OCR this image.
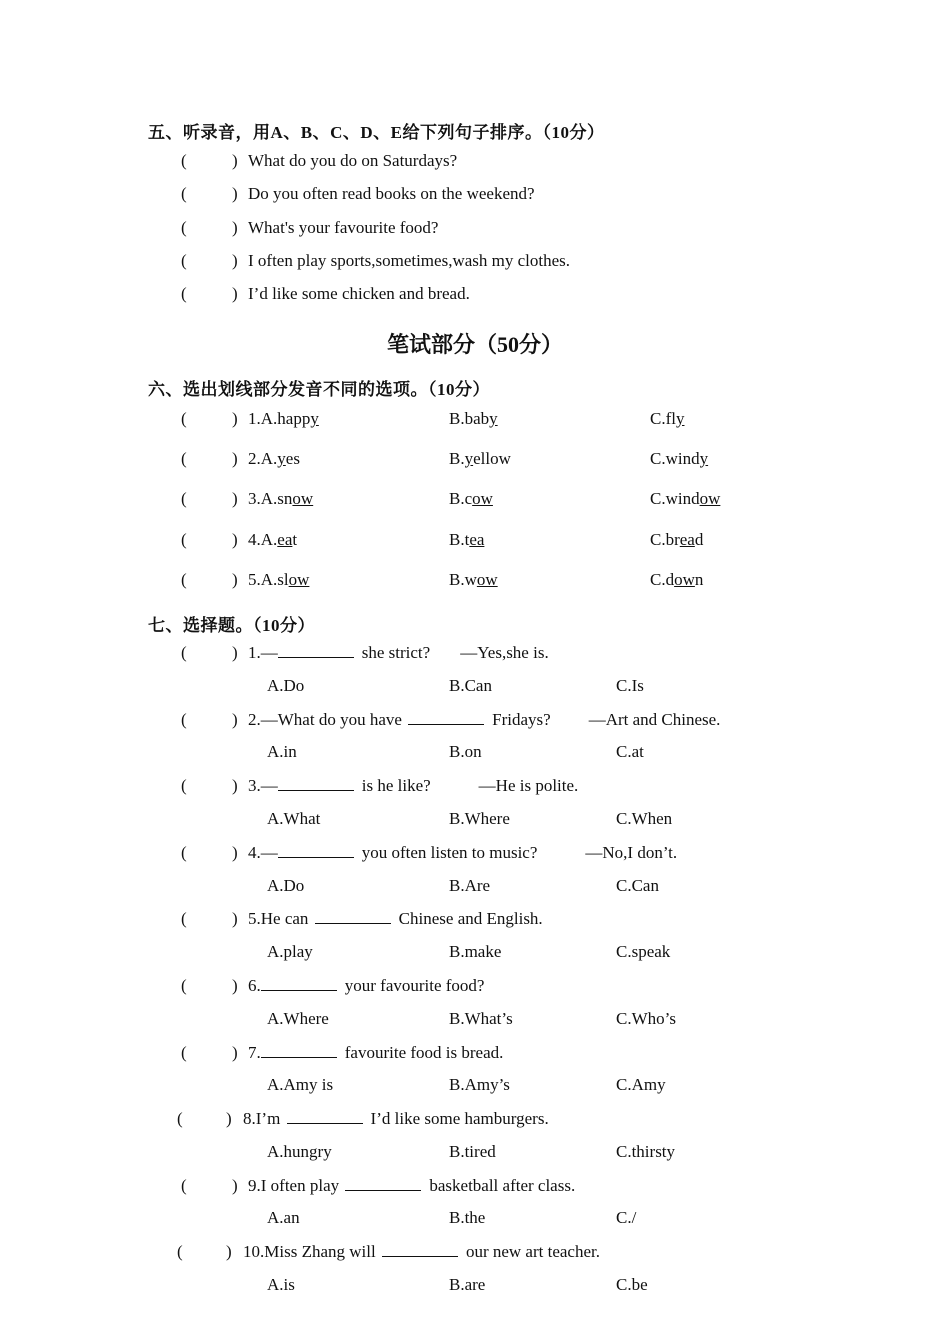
五、听录音，用A、B、C、D、E给下列句子排序。（10分）
(	) What do you do on Saturdays?
(	) Do you often read books on the weekend?
(	) What's your favourite food?
(	) I often play sports,sometimes,wash my clothes.
(	) I’d like some chicken and bread.
笔试部分（50分）
六、选出划线部分发音不同的选项。（10分）
(	) 1.A.happy	B.baby	C.fly
(	) 2.A.yes	B.yellow	C.windy
(	) 3.A.snow	B.cow	C.window
(	) 4.A.eat	B.tea	C.bread
(	) 5.A.slow	B.wow	C.down
七、选择题。（10分）
(	) 1.—	she strict? —Yes,she is.
A.Do	B.Can	C.Is
(	) 2.—What do you have	Fridays? —Art and Chinese.
A.in	B.on	C.at
(	) 3.—	is he like?	—He is polite.
A.What	B.Where	C.When
(	) 4.—	you often listen to music?	—No,I don’t.
A.Do	B.Are	C.Can
(	) 5.He can	Chinese and English.
A.play	B.make	C.speak
(	) 6.	your favourite food?
A.Where	B.What’s	C.Who’s
(	) 7.	favourite food is bread.
A.Amy is	B.Amy’s	C.Amy
(	) 8.I’m	I’d like some hamburgers.
A.hungry	B.tired	C.thirsty
(	) 9.I often play	basketball after class.
A.an	B.the	C./
(	) 10.Miss Zhang will	our new art teacher.
A.is	B.are	C.be
